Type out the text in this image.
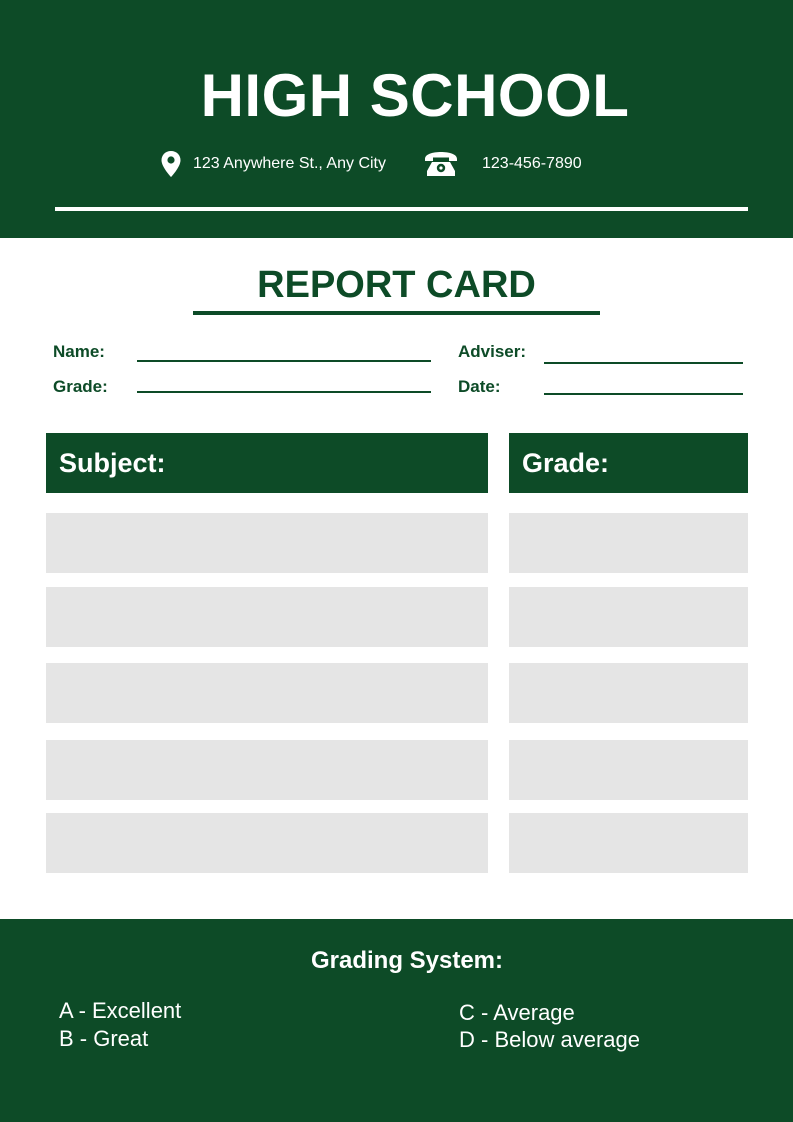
HIGH SCHOOL
123 Anywhere St., Any City	123-456-7890
REPORT CARD
Name:
Grade:
Adviser:
Date:
Subject:	Grade:
Grading System:
A - Excellent
B - Great
C - Average
D - Below average
